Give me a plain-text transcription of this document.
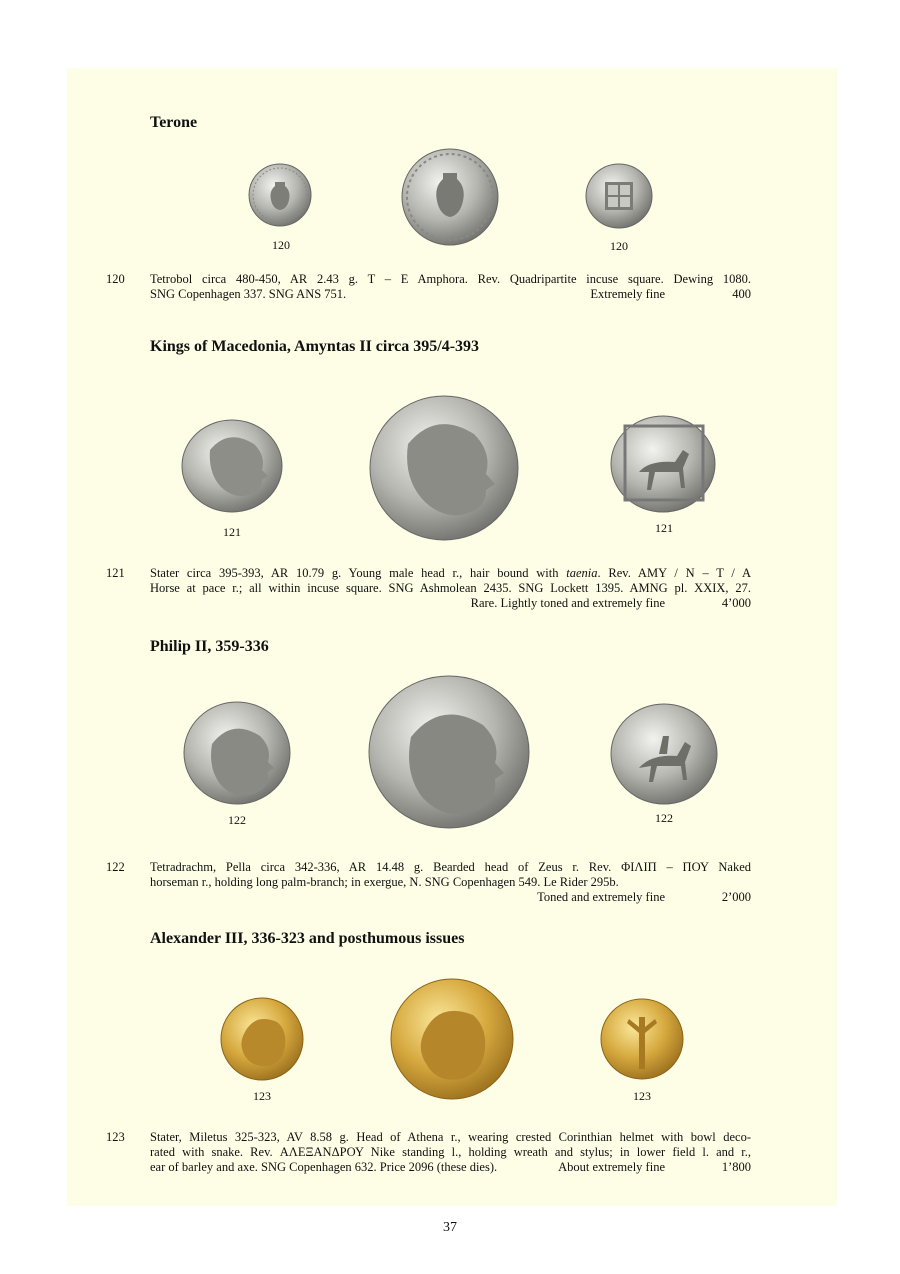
Terone
120	120
120 Tetrobol circa 480-450, AR 2.43 g. T – E Amphora. Rev. Quadripartite incuse square. Dewing 1080.
SNG Copenhagen 337. SNG ANS 751.	Extremely fine	400
Kings of Macedonia, Amyntas II circa 395/4-393
121	121
121 Stater circa 395-393, AR 10.79 g. Young male head r., hair bound with taenia. Rev. AMY / N – T / A
Horse at pace r.; all within incuse square. SNG Ashmolean 2435. SNG Lockett 1395. AMNG pl. XXIX, 27.
Rare. Lightly toned and extremely fine	4’000
Philip II, 359-336
122	122
122 Tetradrachm, Pella circa 342-336, AR 14.48 g. Bearded head of Zeus r. Rev. ΦΙΛΙΠ – ΠΟΥ Naked
horseman r., holding long palm-branch; in exergue, N. SNG Copenhagen 549. Le Rider 295b.
Toned and extremely fine	2’000
Alexander III, 336-323 and posthumous issues
123	123
123 Stater, Miletus 325-323, AV 8.58 g. Head of Athena r., wearing crested Corinthian helmet with bowl deco-
rated with snake. Rev. ΑΛΕΞΑΝΔΡΟΥ Nike standing l., holding wreath and stylus; in lower field l. and r.,
ear of barley and axe. SNG Copenhagen 632. Price 2096 (these dies).	About extremely fine	1’800
37
